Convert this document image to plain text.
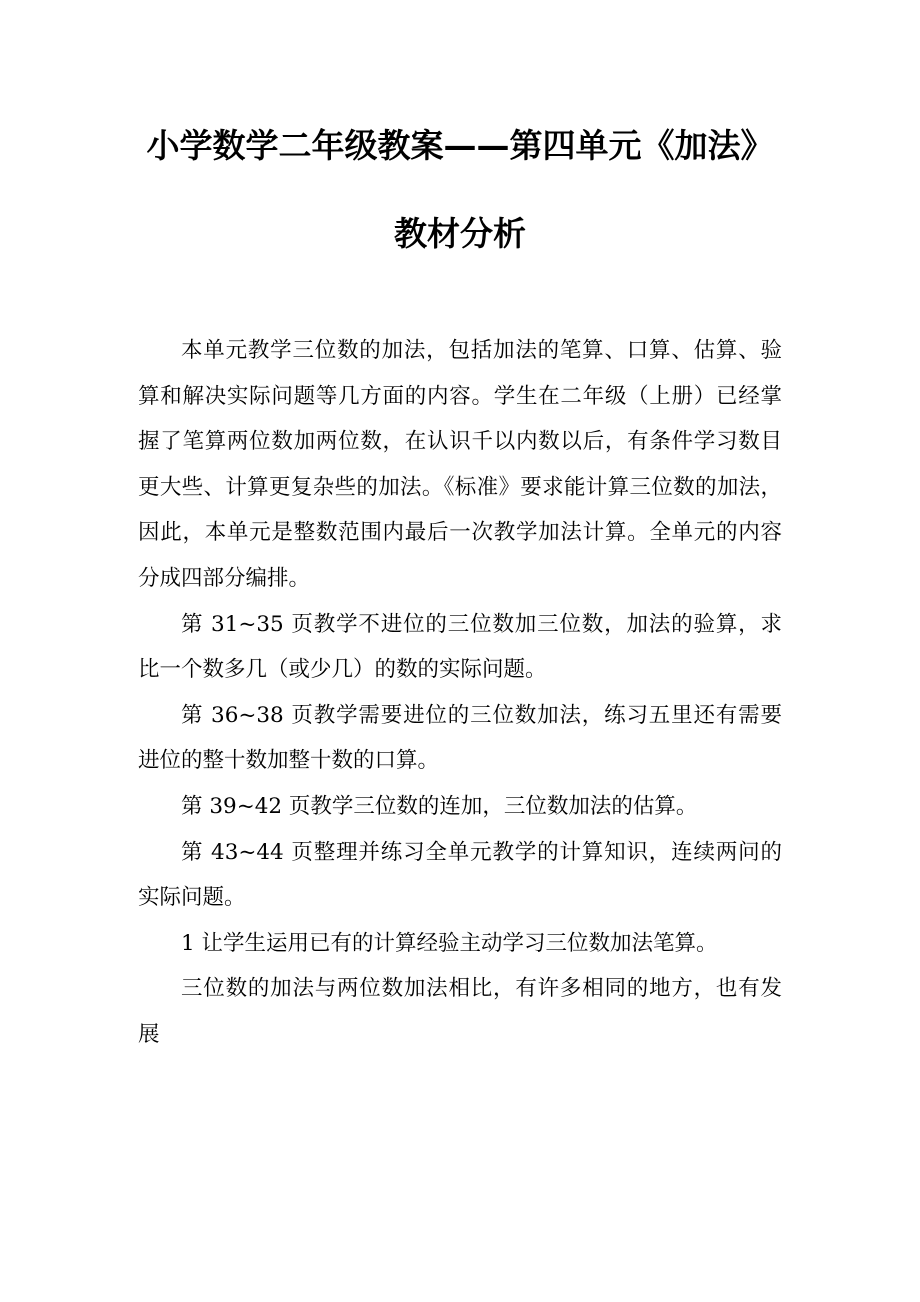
小学数学二年级教案——第四单元《加法》教材分析

本单元教学三位数的加法，包括加法的笔算、口算、估算、验算和解决实际问题等几方面的内容。学生在二年级（上册）已经掌握了笔算两位数加两位数，在认识千以内数以后，有条件学习数目更大些、计算更复杂些的加法。《标准》要求能计算三位数的加法，因此，本单元是整数范围内最后一次教学加法计算。全单元的内容分成四部分编排。

第 31~35 页教学不进位的三位数加三位数，加法的验算，求比一个数多几（或少几）的数的实际问题。

第 36~38 页教学需要进位的三位数加法，练习五里还有需要进位的整十数加整十数的口算。

第 39~42 页教学三位数的连加，三位数加法的估算。

第 43~44 页整理并练习全单元教学的计算知识，连续两问的实际问题。

1 让学生运用已有的计算经验主动学习三位数加法笔算。

三位数的加法与两位数加法相比，有许多相同的地方，也有发展
